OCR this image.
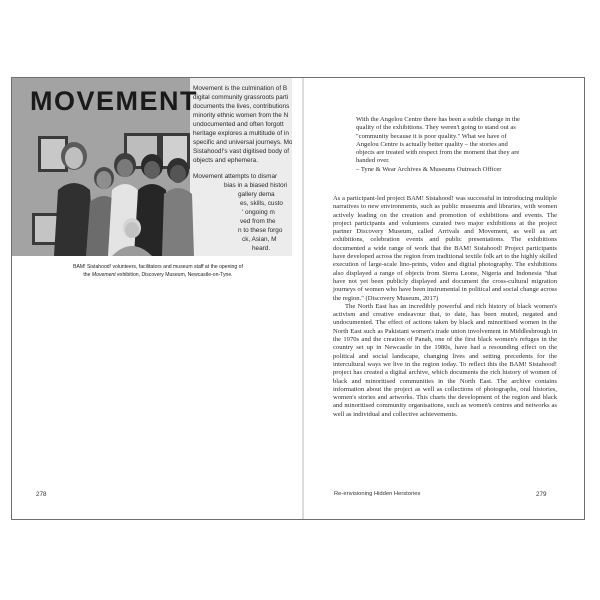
MOVEMENT
Movement is the culmination of B
digital community grassroots parti
documents the lives, contributions
minority ethnic women from the N
undocumented and often forgott
heritage explores a multitude of in
specific and universal journeys. Mo
Sistahood!'s vast digitised body of
objects and ephemera.
Movement attempts to dismar
bias in a biased histori
gallery dema
es, skills, custo
' ongoing m
ved from the
n to these forgo
ck, Asian, M
heard.
BAM! Sistahood! volunteers, facilitators and museum staff at the opening of
the Movement exhibition, Discovery Museum, Newcastle-on-Tyne.
278
With the Angelou Centre there has been a subtle change in the
quality of the exhibitions. They weren't going to stand out as
"community because it is poor quality." What we have of
Angelou Centre is actually better quality – the stories and
objects are treated with respect from the moment that they are
handed over.
– Tyne & Wear Archives & Museums Outreach Officer

As a participant-led project BAM! Sistahood! was successful in introducing multiple narratives to new environments, such as public museums and libraries, with women actively leading on the creation and promotion of exhibitions and events. The project participants and volunteers curated two major exhibitions at the project partner Discovery Museum, called Arrivals and Movement, as well as art exhibitions, celebration events and public presentations. The exhibitions documented a wide range of work that the BAM! Sistahood! Project participants have developed across the region from traditional textile folk art to the highly skilled execution of large-scale lino-prints, video and digital photography. The exhibitions also displayed a range of objects from Sierra Leone, Nigeria and Indonesia "that have not yet been publicly displayed and document the cross-cultural migration journeys of women who have been instrumental in political and social change across the region." (Discovery Museum, 2017)

The North East has an incredibly powerful and rich history of black women's activism and creative endeavour that, to date, has been muted, negated and undocumented. The effect of actions taken by black and minoritised women in the North East such as Pakistani women's trade union involvement in Middlesbrough in the 1970s and the creation of Panah, one of the first black women's refuges in the country set up in Newcastle in the 1980s, have had a resounding effect on the political and social landscape, changing lives and setting precedents for the intercultural ways we live in the region today. To reflect this the BAM! Sistahood! project has created a digital archive, which documents the rich history of women of black and minoritised communities in the North East. The archive contains information about the project as well as collections of photographs, oral histories, women's stories and artworks. This charts the development of the region and black and minoritised community organisations, such as women's centres and networks as well as individual and collective achievements.

Re-envisioning Hidden Herstories	279
